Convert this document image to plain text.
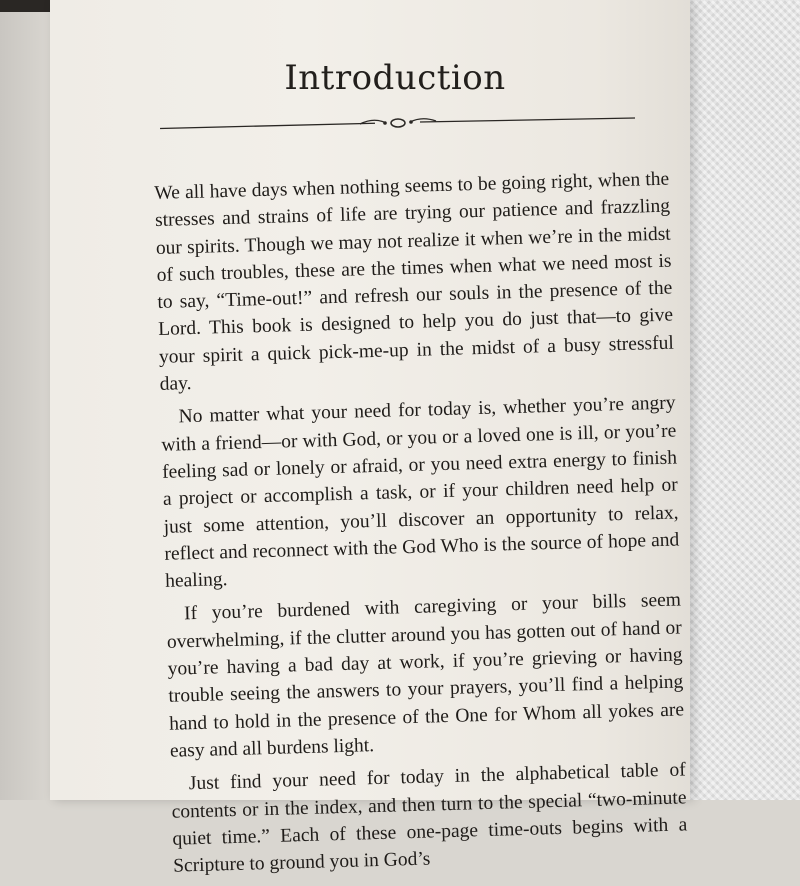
Introduction

We all have days when nothing seems to be going right, when the stresses and strains of life are trying our patience and frazzling our spirits. Though we may not realize it when we’re in the midst of such troubles, these are the times when what we need most is to say, “Time-out!” and refresh our souls in the presence of the Lord. This book is designed to help you do just that—to give your spirit a quick pick-me-up in the midst of a busy stressful day.

No matter what your need for today is, whether you’re angry with a friend—or with God, or you or a loved one is ill, or you’re feeling sad or lonely or afraid, or you need extra energy to finish a project or accomplish a task, or if your children need help or just some attention, you’ll discover an opportunity to relax, reflect and reconnect with the God Who is the source of hope and healing.

If you’re burdened with caregiving or your bills seem overwhelming, if the clutter around you has gotten out of hand or you’re having a bad day at work, if you’re grieving or having trouble seeing the answers to your prayers, you’ll find a helping hand to hold in the presence of the One for Whom all yokes are easy and all burdens light.

Just find your need for today in the alphabetical table of contents or in the index, and then turn to the special “two-minute quiet time.” Each of these one-page time-outs begins with a Scripture to ground you in God’s
